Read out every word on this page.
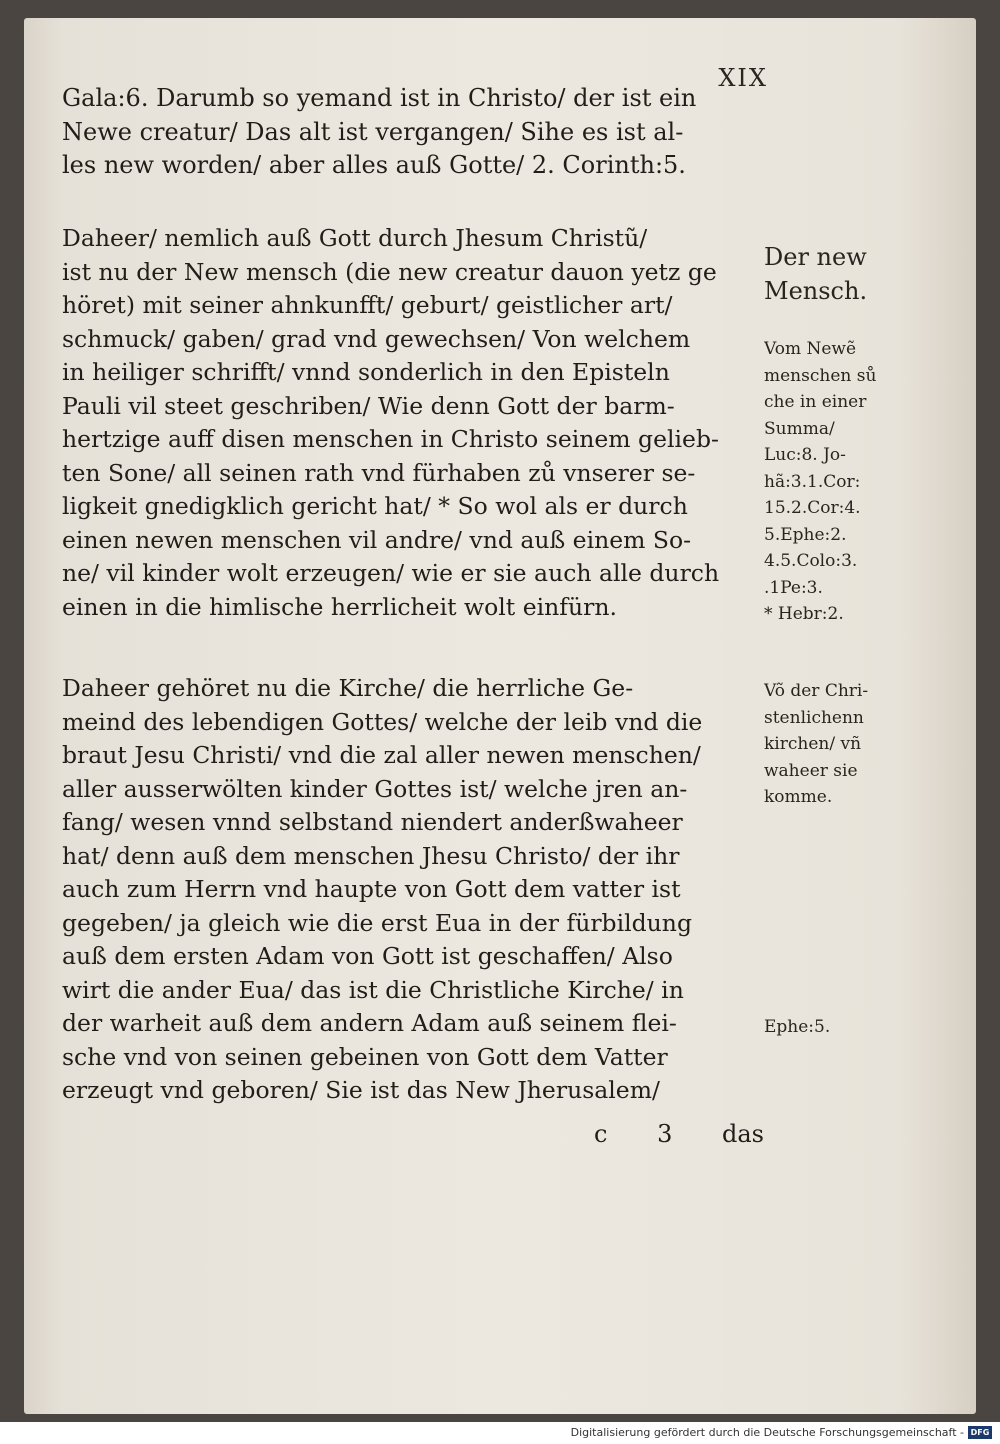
XIX
Gala:6. Darumb so yemand ist in Christo/ der ist ein
Newe creatur/ Das alt ist vergangen/ Sihe es ist al-
les new worden/ aber alles auß Gotte/ 2. Corinth:5.
Daheer/ nemlich auß Gott durch Jhesum Christũ/
ist nu der New mensch (die new creatur dauon yetz ge
höret) mit seiner ahnkunfft/ geburt/ geistlicher art/
schmuck/ gaben/ grad vnd gewechsen/ Von welchem
in heiliger schrifft/ vnnd sonderlich in den Episteln
Pauli vil steet geschriben/ Wie denn Gott der barm-
hertzige auff disen menschen in Christo seinem gelieb-
ten Sone/ all seinen rath vnd fürhaben zů vnserer se-
ligkeit gnedigklich gericht hat/ * So wol als er durch
einen newen menschen vil andre/ vnd auß einem So-
ne/ vil kinder wolt erzeugen/ wie er sie auch alle durch
einen in die himlische herrlicheit wolt einfürn.
Daheer gehöret nu die Kirche/ die herrliche Ge-
meind des lebendigen Gottes/ welche der leib vnd die
braut Jesu Christi/ vnd die zal aller newen menschen/
aller ausserwölten kinder Gottes ist/ welche jren an-
fang/ wesen vnnd selbstand niendert anderßwaheer
hat/ denn auß dem menschen Jhesu Christo/ der ihr
auch zum Herrn vnd haupte von Gott dem vatter ist
gegeben/ ja gleich wie die erst Eua in der fürbildung
auß dem ersten Adam von Gott ist geschaffen/ Also
wirt die ander Eua/ das ist die Christliche Kirche/ in
der warheit auß dem andern Adam auß seinem flei-
sche vnd von seinen gebeinen von Gott dem Vatter
erzeugt vnd geboren/ Sie ist das New Jherusalem/
c 3 das
Der new
Mensch.
Vom Newẽ
menschen sů
che in einer
Summa/
Luc:8. Jo-
hã:3.1.Cor:
15.2.Cor:4.
5.Ephe:2.
4.5.Colo:3.
.1Pe:3.
* Hebr:2.
Võ der Chri-
stenlichenn
kirchen/ vñ
waheer sie
komme.
Ephe:5.
Digitalisierung gefördert durch die Deutsche Forschungsgemeinschaft - DFG
